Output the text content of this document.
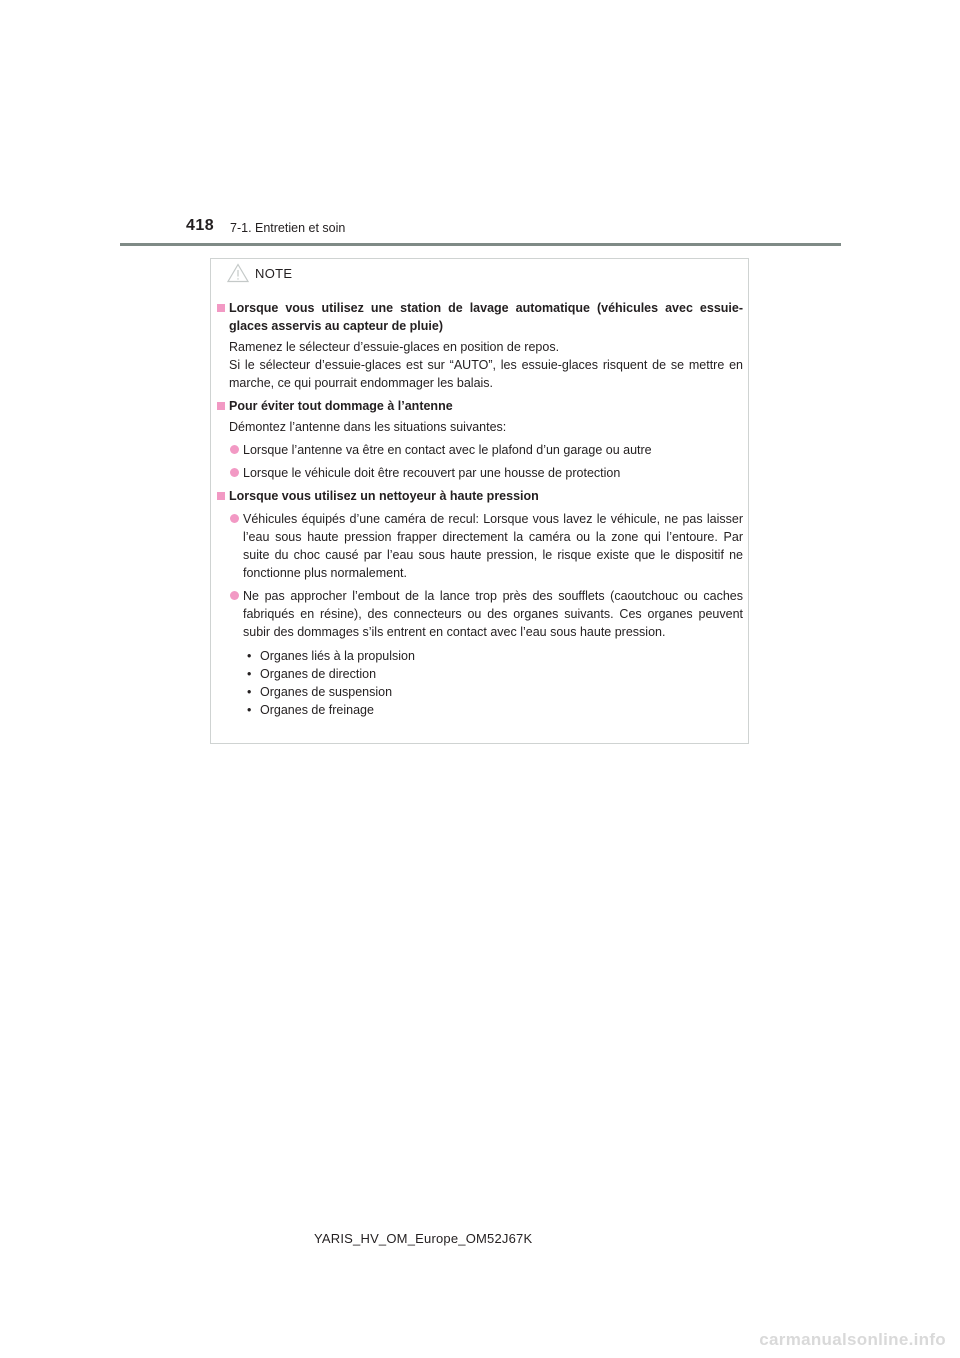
418 7-1. Entretien et soin
NOTE
Lorsque vous utilisez une station de lavage automatique (véhicules avec essuie-glaces asservis au capteur de pluie)
Ramenez le sélecteur d’essuie-glaces en position de repos.
Si le sélecteur d’essuie-glaces est sur “AUTO”, les essuie-glaces risquent de se mettre en marche, ce qui pourrait endommager les balais.
Pour éviter tout dommage à l’antenne
Démontez l’antenne dans les situations suivantes:
Lorsque l’antenne va être en contact avec le plafond d’un garage ou autre
Lorsque le véhicule doit être recouvert par une housse de protection
Lorsque vous utilisez un nettoyeur à haute pression
Véhicules équipés d’une caméra de recul: Lorsque vous lavez le véhicule, ne pas laisser l’eau sous haute pression frapper directement la caméra ou la zone qui l’entoure. Par suite du choc causé par l’eau sous haute pression, le risque existe que le dispositif ne fonctionne plus normalement.
Ne pas approcher l’embout de la lance trop près des soufflets (caoutchouc ou caches fabriqués en résine), des connecteurs ou des organes suivants. Ces organes peuvent subir des dommages s’ils entrent en contact avec l’eau sous haute pression.
• Organes liés à la propulsion
• Organes de direction
• Organes de suspension
• Organes de freinage
YARIS_HV_OM_Europe_OM52J67K
carmanualsonline.info
